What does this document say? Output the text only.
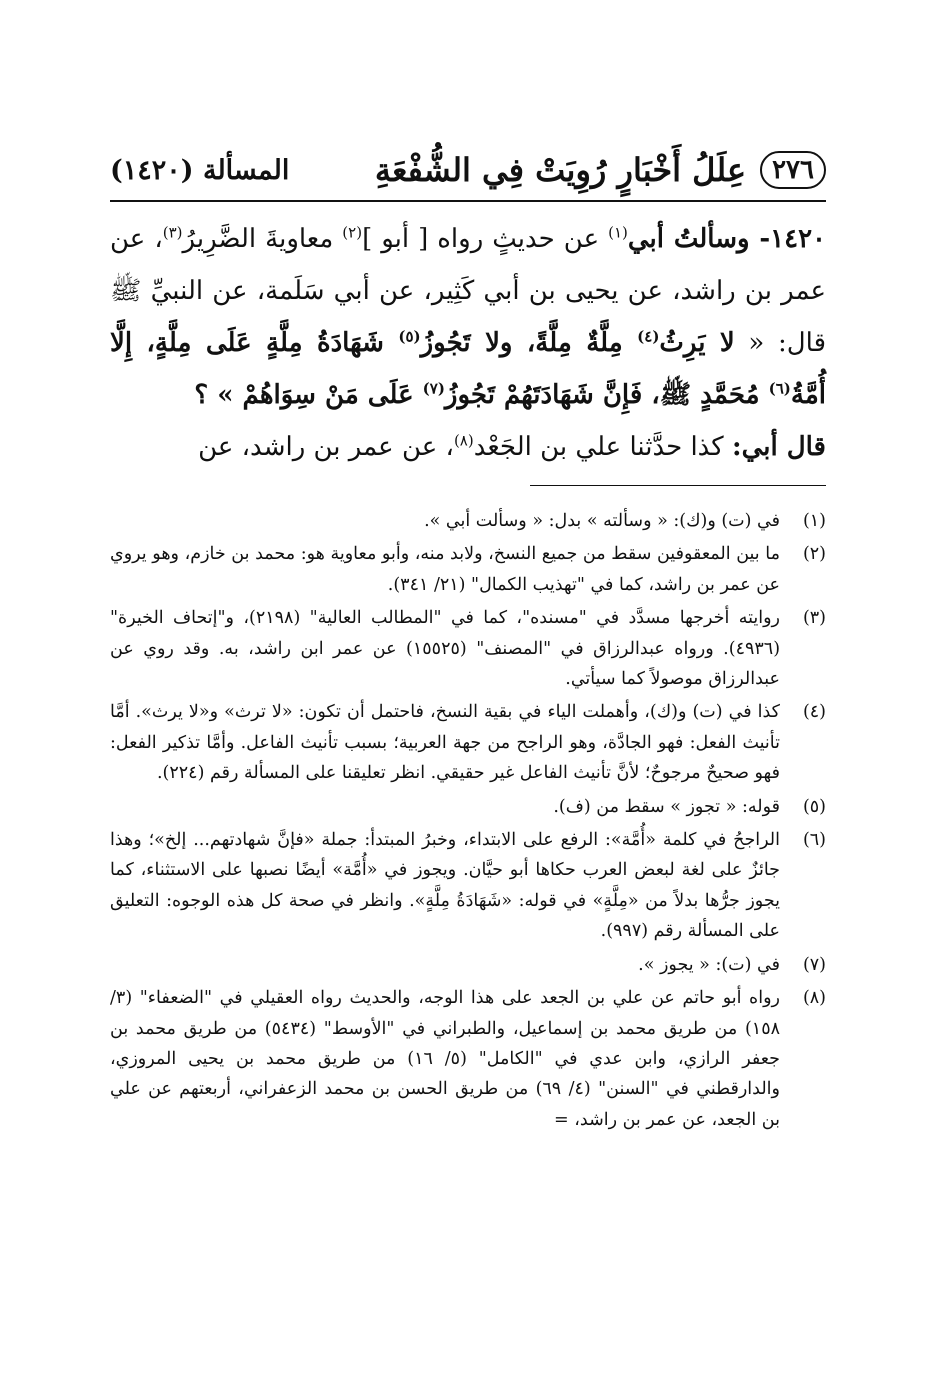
٢٧٦
عِلَلُ أَخْبَارٍ رُوِيَتْ فِي الشُّفْعَةِ
المسألة (١٤٢٠)

١٤٢٠- وسألتُ أبي$^{(١)}$ عن حديثٍ رواه [ أبو ]$^{(٢)}$ معاويةَ الضَّرِيرُ$^{(٣)}$، عن عمر بن راشد، عن يحيى بن أبي كَثِير، عن أبي سَلَمة، عن النبيِّ ﷺ قال: « لا يَرِثُ$^{(٤)}$ مِلَّةٌ مِلَّةً، ولا تَجُوزُ$^{(٥)}$ شَهَادَةُ مِلَّةٍ عَلَى مِلَّةٍ، إِلَّا أُمَّةُ$^{(٦)}$ مُحَمَّدٍ ﷺ، فَإِنَّ شَهَادَتَهُمْ تَجُوزُ$^{(٧)}$ عَلَى مَنْ سِوَاهُمْ » ؟

قال أبي: كذا حدَّثنا علي بن الجَعْد$^{(٨)}$، عن عمر بن راشد، عن

(١)
في (ت) و(ك): « وسألته » بدل: « وسألت أبي ».
(٢)
ما بين المعقوفين سقط من جميع النسخ، ولابد منه، وأبو معاوية هو: محمد بن خازم، وهو يروي عن عمر بن راشد، كما في "تهذيب الكمال" (٢١/ ٣٤١).
(٣)
روايته أخرجها مسدَّد في "مسنده"، كما في "المطالب العالية" (٢١٩٨)، و"إتحاف الخيرة" (٤٩٣٦). ورواه عبدالرزاق في "المصنف" (١٥٥٢٥) عن عمر ابن راشد، به. وقد روي عن عبدالرزاق موصولاً كما سيأتي.
(٤)
كذا في (ت) و(ك)، وأهملت الياء في بقية النسخ، فاحتمل أن تكون: «لا ترث» و«لا يرث». أمَّا تأنيث الفعل: فهو الجادَّة، وهو الراجح من جهة العربية؛ بسبب تأنيث الفاعل. وأمَّا تذكير الفعل: فهو صحيحٌ مرجوحٌ؛ لأنَّ تأنيث الفاعل غير حقيقي. انظر تعليقنا على المسألة رقم (٢٢٤).
(٥)
قوله: « تجوز » سقط من (ف).
(٦)
الراجحُ في كلمة «أُمَّة»: الرفع على الابتداء، وخبرُ المبتدأ: جملة «فإنَّ شهادتهم... إلخ»؛ وهذا جائزٌ على لغة لبعض العرب حكاها أبو حيَّان. ويجوز في «أُمَّة» أيضًا نصبها على الاستثناء، كما يجوز جرُّها بدلاً من «مِلَّةٍ» في قوله: «شَهَادَةُ مِلَّةٍ». وانظر في صحة كل هذه الوجوه: التعليق على المسألة رقم (٩٩٧).
(٧)
في (ت): « يجوز ».
(٨)
رواه أبو حاتم عن علي بن الجعد على هذا الوجه، والحديث رواه العقيلي في "الضعفاء" (٣/ ١٥٨) من طريق محمد بن إسماعيل، والطبراني في "الأوسط" (٥٤٣٤) من طريق محمد بن جعفر الرازي، وابن عدي في "الكامل" (٥/ ١٦) من طريق محمد بن يحيى المروزي، والدارقطني في "السنن" (٤/ ٦٩) من طريق الحسن بن محمد الزعفراني، أربعتهم عن علي بن الجعد، عن عمر بن راشد، =
